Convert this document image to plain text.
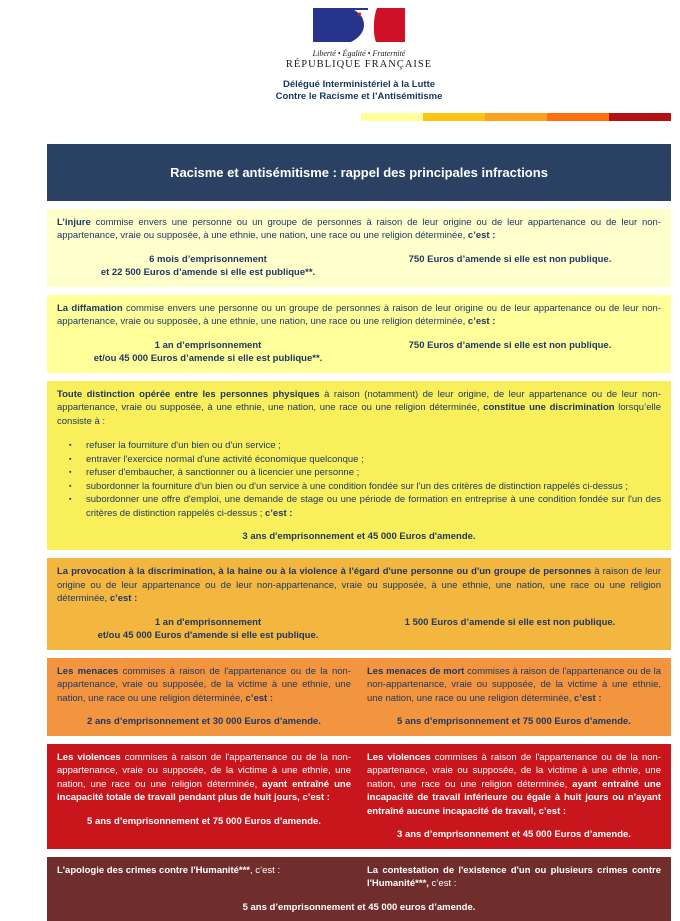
Liberté • Égalité • Fraternité
RÉPUBLIQUE FRANÇAISE
Délégué Interministériel à la Lutte
Contre le Racisme et l’Antisémitisme
Racisme et antisémitisme : rappel des principales infractions
L’injure commise envers une personne ou un groupe de personnes à raison de leur origine ou de leur appartenance ou de leur non-appartenance, vraie ou supposée, à une ethnie, une nation, une race ou une religion déterminée, c’est :
6 mois d’emprisonnement
et 22 500 Euros d’amende si elle est publique**.
750 Euros d’amende si elle est non publique.
La diffamation commise envers une personne ou un groupe de personnes à raison de leur origine ou de leur appartenance ou de leur non-appartenance, vraie ou supposée, à une ethnie, une nation, une race ou une religion déterminée, c’est :
1 an d’emprisonnement
et/ou 45 000 Euros d’amende si elle est publique**.
750 Euros d’amende si elle est non publique.
Toute distinction opérée entre les personnes physiques à raison (notamment) de leur origine, de leur appartenance ou de leur non-appartenance, vraie ou supposée, à une ethnie, une nation, une race ou une religion déterminée, constitue une discrimination lorsqu’elle consiste à :
▪	refuser la fourniture d'un bien ou d'un service ;
▪	entraver l'exercice normal d'une activité économique quelconque ;
▪	refuser d'embaucher, à sanctionner ou à licencier une personne ;
▪	subordonner la fourniture d'un bien ou d'un service à une condition fondée sur l'un des critères de distinction rappelés ci-dessus ;
▪	subordonner une offre d'emploi, une demande de stage ou une période de formation en entreprise à une condition fondée sur l'un des critères de distinction rappelés ci-dessus ; c’est :
3 ans d'emprisonnement et 45 000 Euros d'amende.
La provocation à la discrimination, à la haine ou à la violence à l'égard d'une personne ou d'un groupe de personnes à raison de leur origine ou de leur appartenance ou de leur non-appartenance, vraie ou supposée, à une ethnie, une nation, une race ou une religion déterminée, c’est :
1 an d'emprisonnement
et/ou 45 000 Euros d'amende si elle est publique.
1 500 Euros d’amende si elle est non publique.
Les menaces commises à raison de l'appartenance ou de la non-appartenance, vraie ou supposée, de la victime à une ethnie, une nation, une race ou une religion déterminée, c’est :
2 ans d’emprisonnement et 30 000 Euros d’amende.
Les menaces de mort commises à raison de l'appartenance ou de la non-appartenance, vraie ou supposée, de la victime à une ethnie, une nation, une race ou une religion déterminée, c’est :
5 ans d’emprisonnement et 75 000 Euros d’amende.
Les violences commises à raison de l'appartenance ou de la non-appartenance, vraie ou supposée, de la victime à une ethnie, une nation, une race ou une religion déterminée, ayant entraîné une incapacité totale de travail pendant plus de huit jours, c’est :
5 ans d’emprisonnement et 75 000 Euros d’amende.
Les violences commises à raison de l'appartenance ou de la non-appartenance, vraie ou supposée, de la victime à une ethnie, une nation, une race ou une religion déterminée, ayant entraîné une incapacité de travail inférieure ou égale à huit jours ou n’ayant entraîné aucune incapacité de travail, c’est :
3 ans d’emprisonnement et 45 000 Euros d’amende.
L'apologie des crimes contre l'Humanité***, c’est :	La contestation de l'existence d'un ou plusieurs crimes contre l'Humanité***, c’est :
5 ans d’emprisonnement et 45 000 euros d’amende.
